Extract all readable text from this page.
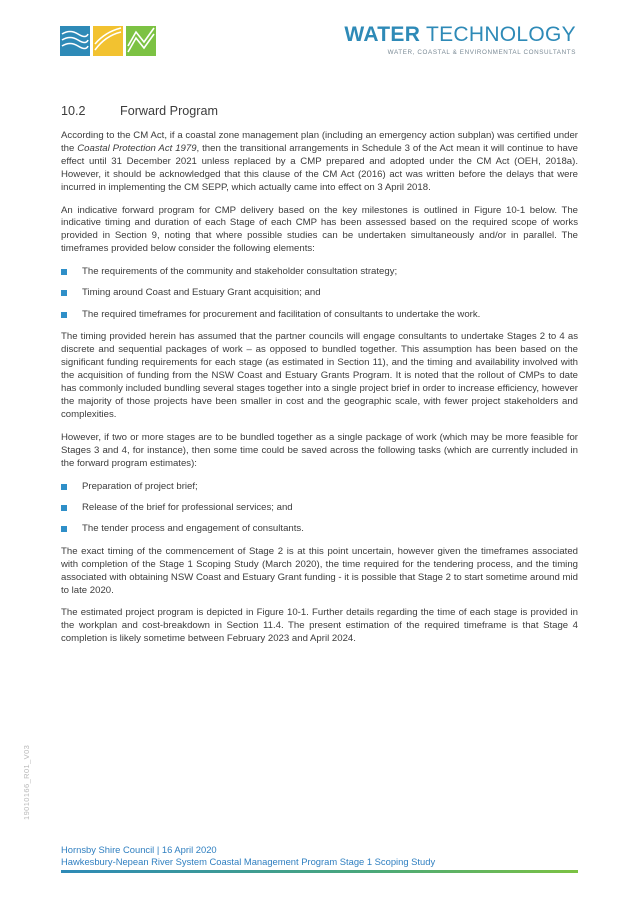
WATER TECHNOLOGY
WATER, COASTAL & ENVIRONMENTAL CONSULTANTS
10.2	Forward Program

According to the CM Act, if a coastal zone management plan (including an emergency action subplan) was certified under the Coastal Protection Act 1979, then the transitional arrangements in Schedule 3 of the Act mean it will continue to have effect until 31 December 2021 unless replaced by a CMP prepared and adopted under the CM Act (OEH, 2018a). However, it should be acknowledged that this clause of the CM Act (2016) act was written before the delays that were incurred in implementing the CM SEPP, which actually came into effect on 3 April 2018.

An indicative forward program for CMP delivery based on the key milestones is outlined in Figure 10-1 below. The indicative timing and duration of each Stage of each CMP has been assessed based on the required scope of works provided in Section 9, noting that where possible studies can be undertaken simultaneously and/or in parallel. The timeframes provided below consider the following elements:

The requirements of the community and stakeholder consultation strategy;
Timing around Coast and Estuary Grant acquisition; and
The required timeframes for procurement and facilitation of consultants to undertake the work.

The timing provided herein has assumed that the partner councils will engage consultants to undertake Stages 2 to 4 as discrete and sequential packages of work – as opposed to bundled together. This assumption has been based on the significant funding requirements for each stage (as estimated in Section 11), and the timing and availability involved with the acquisition of funding from the NSW Coast and Estuary Grants Program. It is noted that the rollout of CMPs to date has commonly included bundling several stages together into a single project brief in order to increase efficiency, however the majority of those projects have been smaller in cost and the geographic scale, with fewer project stakeholders and complexities.

However, if two or more stages are to be bundled together as a single package of work (which may be more feasible for Stages 3 and 4, for instance), then some time could be saved across the following tasks (which are currently included in the forward program estimates):

Preparation of project brief;
Release of the brief for professional services; and
The tender process and engagement of consultants.

The exact timing of the commencement of Stage 2 is at this point uncertain, however given the timeframes associated with completion of the Stage 1 Scoping Study (March 2020), the time required for the tendering process, and the timing associated with obtaining NSW Coast and Estuary Grant funding - it is possible that Stage 2 to start sometime around mid to late 2020.

The estimated project program is depicted in Figure 10-1. Further details regarding the time of each stage is provided in the workplan and cost-breakdown in Section 11.4. The present estimation of the required timeframe is that Stage 4 completion is likely sometime between February 2023 and April 2024.

19010166_R01_V03
Hornsby Shire Council | 16 April 2020
Hawkesbury-Nepean River System Coastal Management Program Stage 1 Scoping Study
